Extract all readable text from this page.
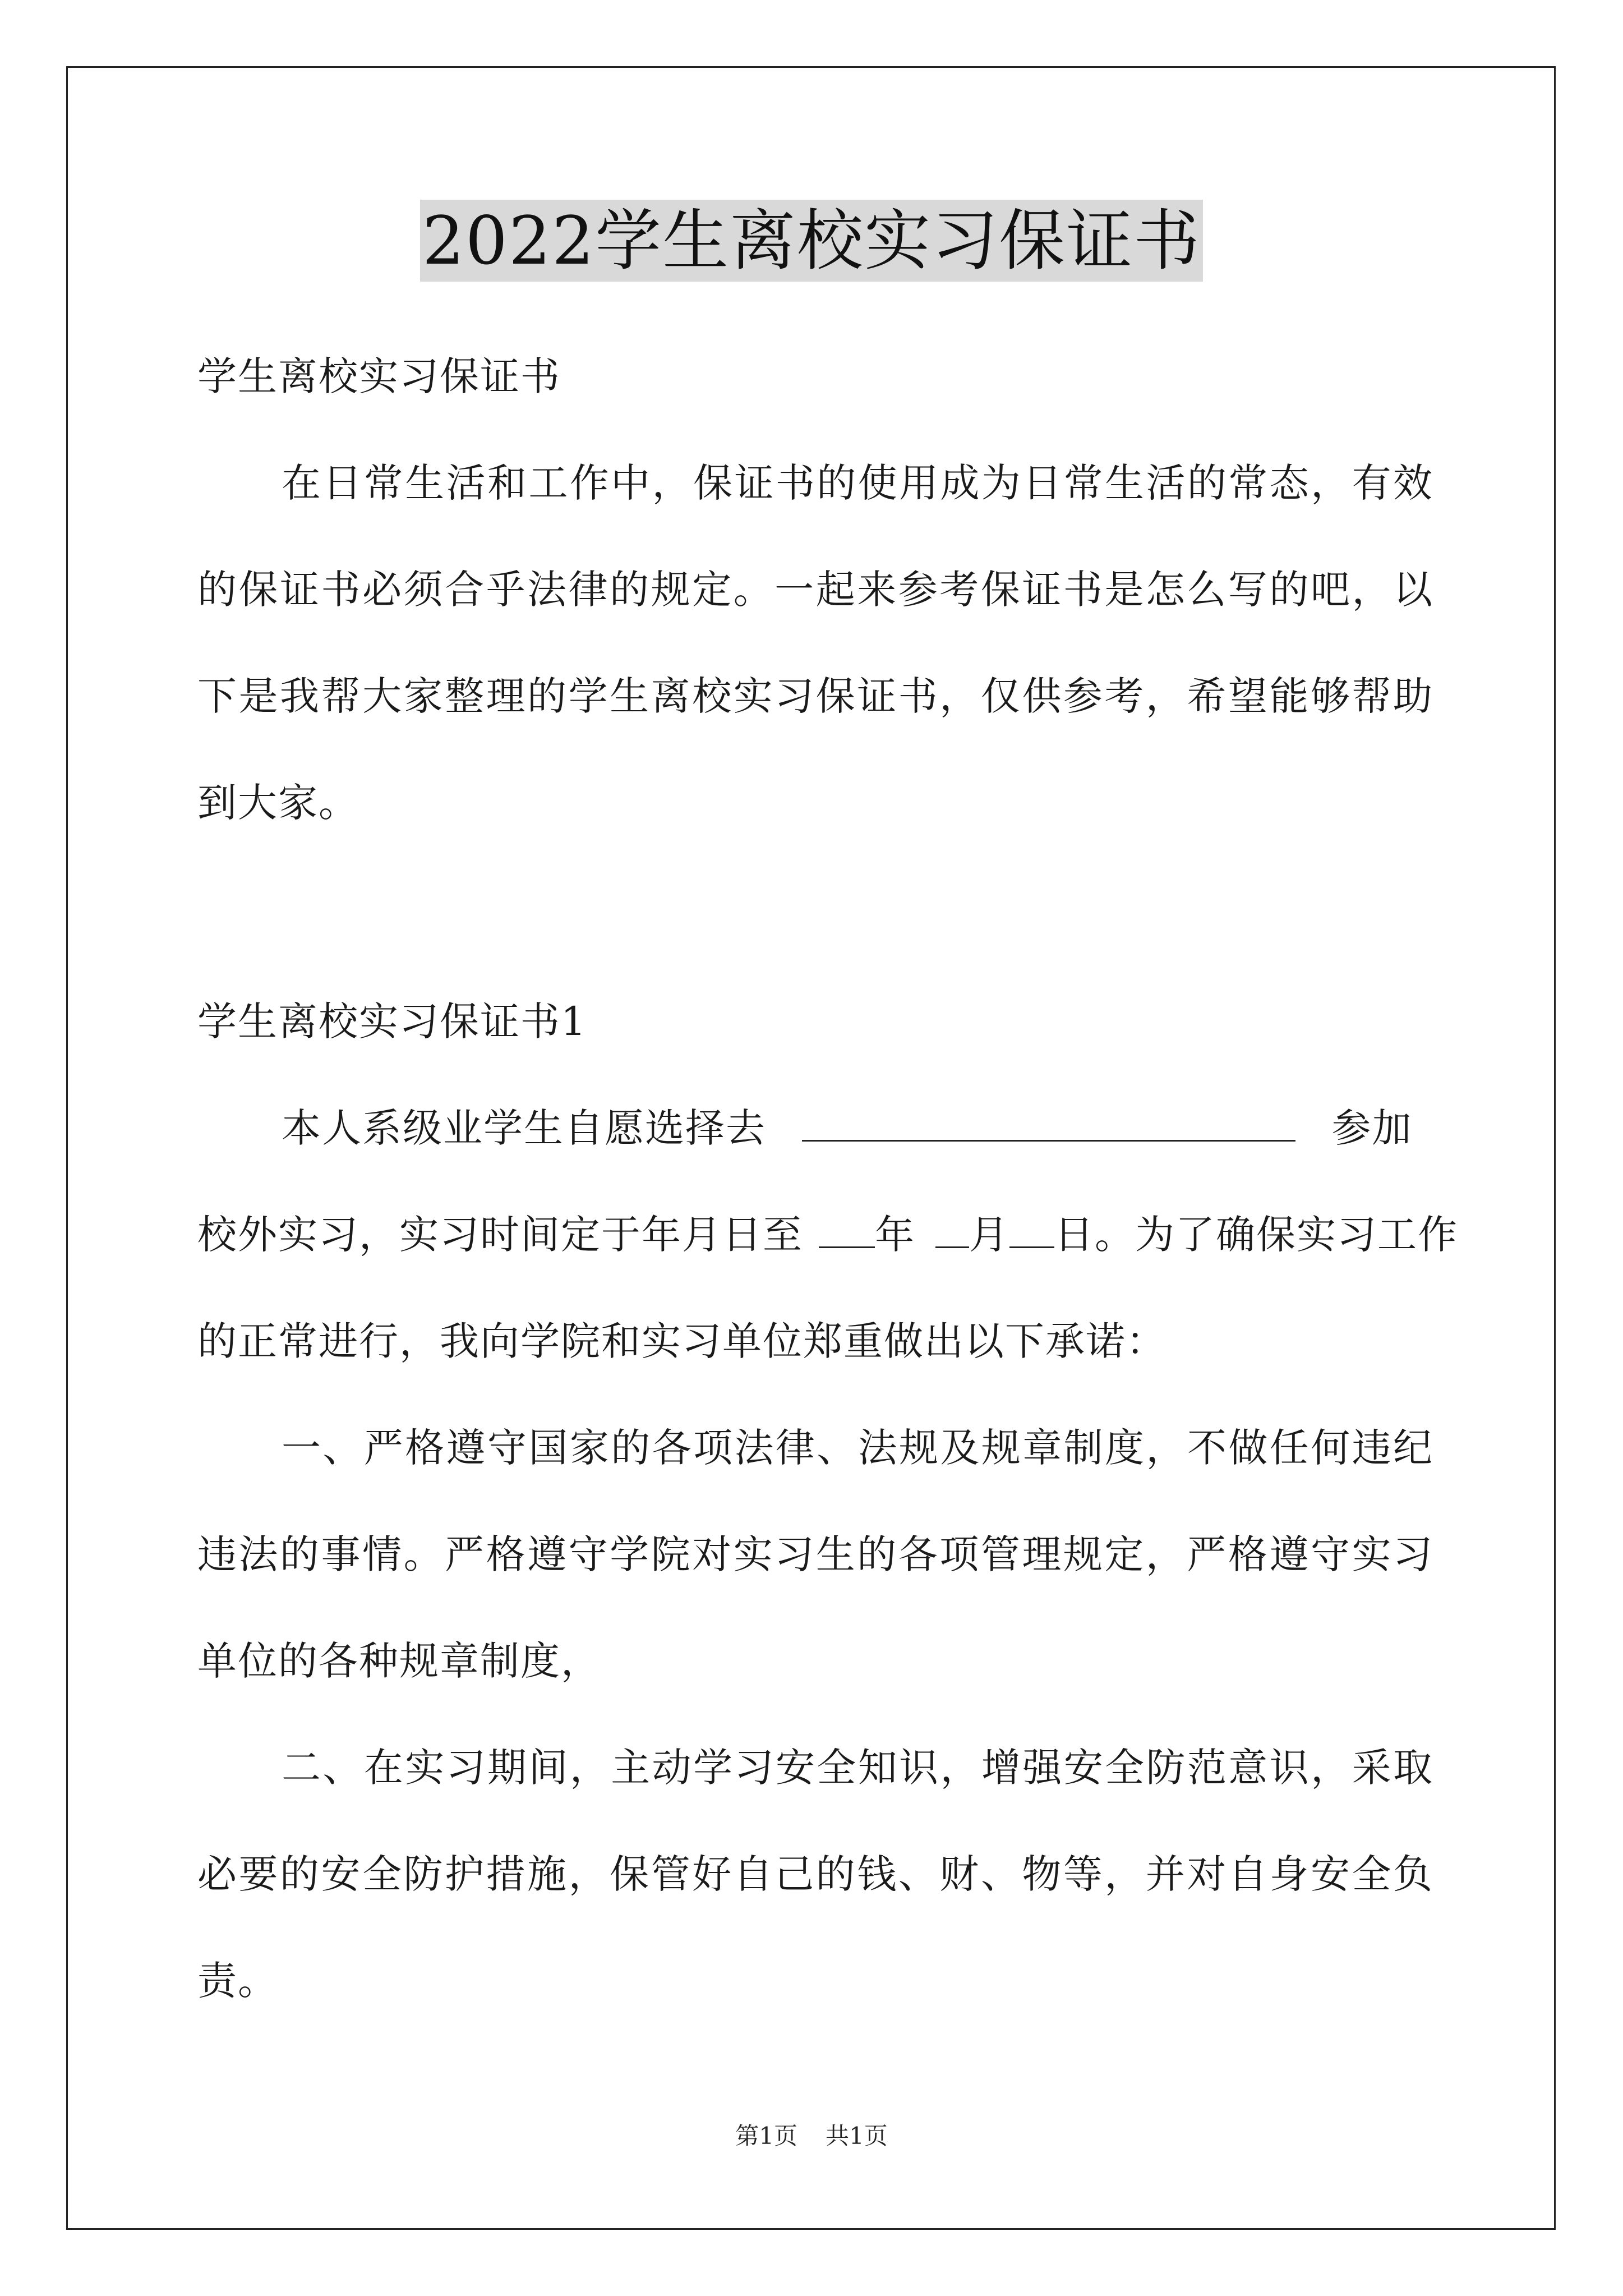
2022学生离校实习保证书
学生离校实习保证书
在日常生活和工作中，保证书的使用成为日常生活的常态，有效
的保证书必须合乎法律的规定。一起来参考保证书是怎么写的吧，以
下是我帮大家整理的学生离校实习保证书，仅供参考，希望能够帮助
到大家。
学生离校实习保证书1
本人系级业学生自愿选择去	参加
校外实习，实习时间定于年月日至 年 月 日。为了确保实习工作
的正常进行，我向学院和实习单位郑重做出以下承诺：
一、严格遵守国家的各项法律、法规及规章制度，不做任何违纪
违法的事情。严格遵守学院对实习生的各项管理规定，严格遵守实习
单位的各种规章制度，
二、在实习期间，主动学习安全知识，增强安全防范意识，采取
必要的安全防护措施，保管好自己的钱、财、物等，并对自身安全负
责。
第1页 共1页
